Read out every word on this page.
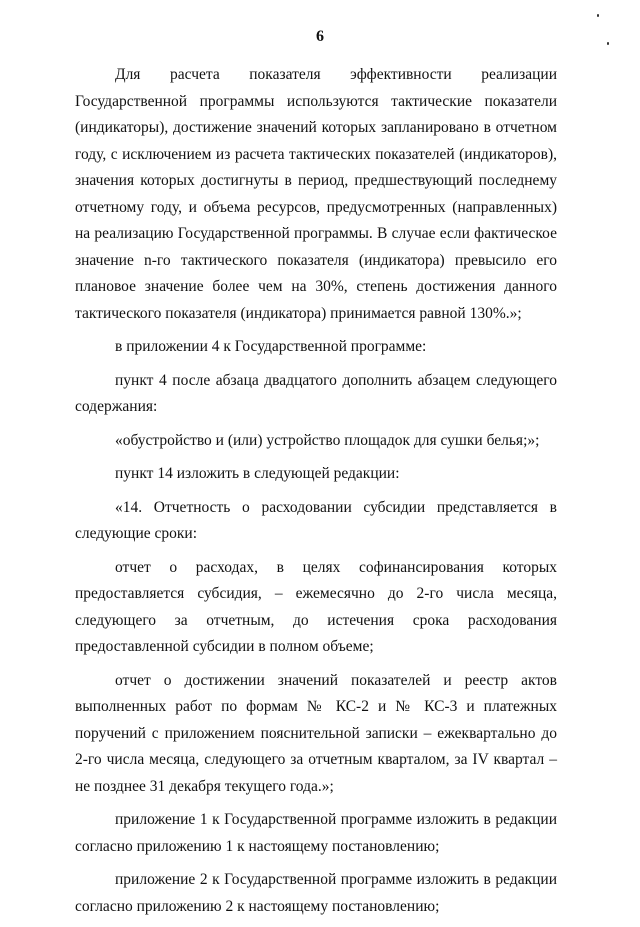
6

Для расчета показателя эффективности реализации Государственной программы используются тактические показатели (индикаторы), достижение значений которых запланировано в отчетном году, с исключением из расчета тактических показателей (индикаторов), значения которых достигнуты в период, предшествующий последнему отчетному году, и объема ресурсов, предусмотренных (направленных) на реализацию Государственной программы. В случае если фактическое значение n-го тактического показателя (индикатора) превысило его плановое значение более чем на 30%, степень достижения данного тактического показателя (индикатора) принимается равной 130%.»;

в приложении 4 к Государственной программе:

пункт 4 после абзаца двадцатого дополнить абзацем следующего содержания:

«обустройство и (или) устройство площадок для сушки белья;»;

пункт 14 изложить в следующей редакции:

«14. Отчетность о расходовании субсидии представляется в следующие сроки:

отчет о расходах, в целях софинансирования которых предоставляется субсидия, – ежемесячно до 2-го числа месяца, следующего за отчетным, до истечения срока расходования предоставленной субсидии в полном объеме;

отчет о достижении значений показателей и реестр актов выполненных работ по формам № КС-2 и № КС-3 и платежных поручений с приложением пояснительной записки – ежеквартально до 2-го числа месяца, следующего за отчетным кварталом, за IV квартал – не позднее 31 декабря текущего года.»;

приложение 1 к Государственной программе изложить в редакции согласно приложению 1 к настоящему постановлению;

приложение 2 к Государственной программе изложить в редакции согласно приложению 2 к настоящему постановлению;
